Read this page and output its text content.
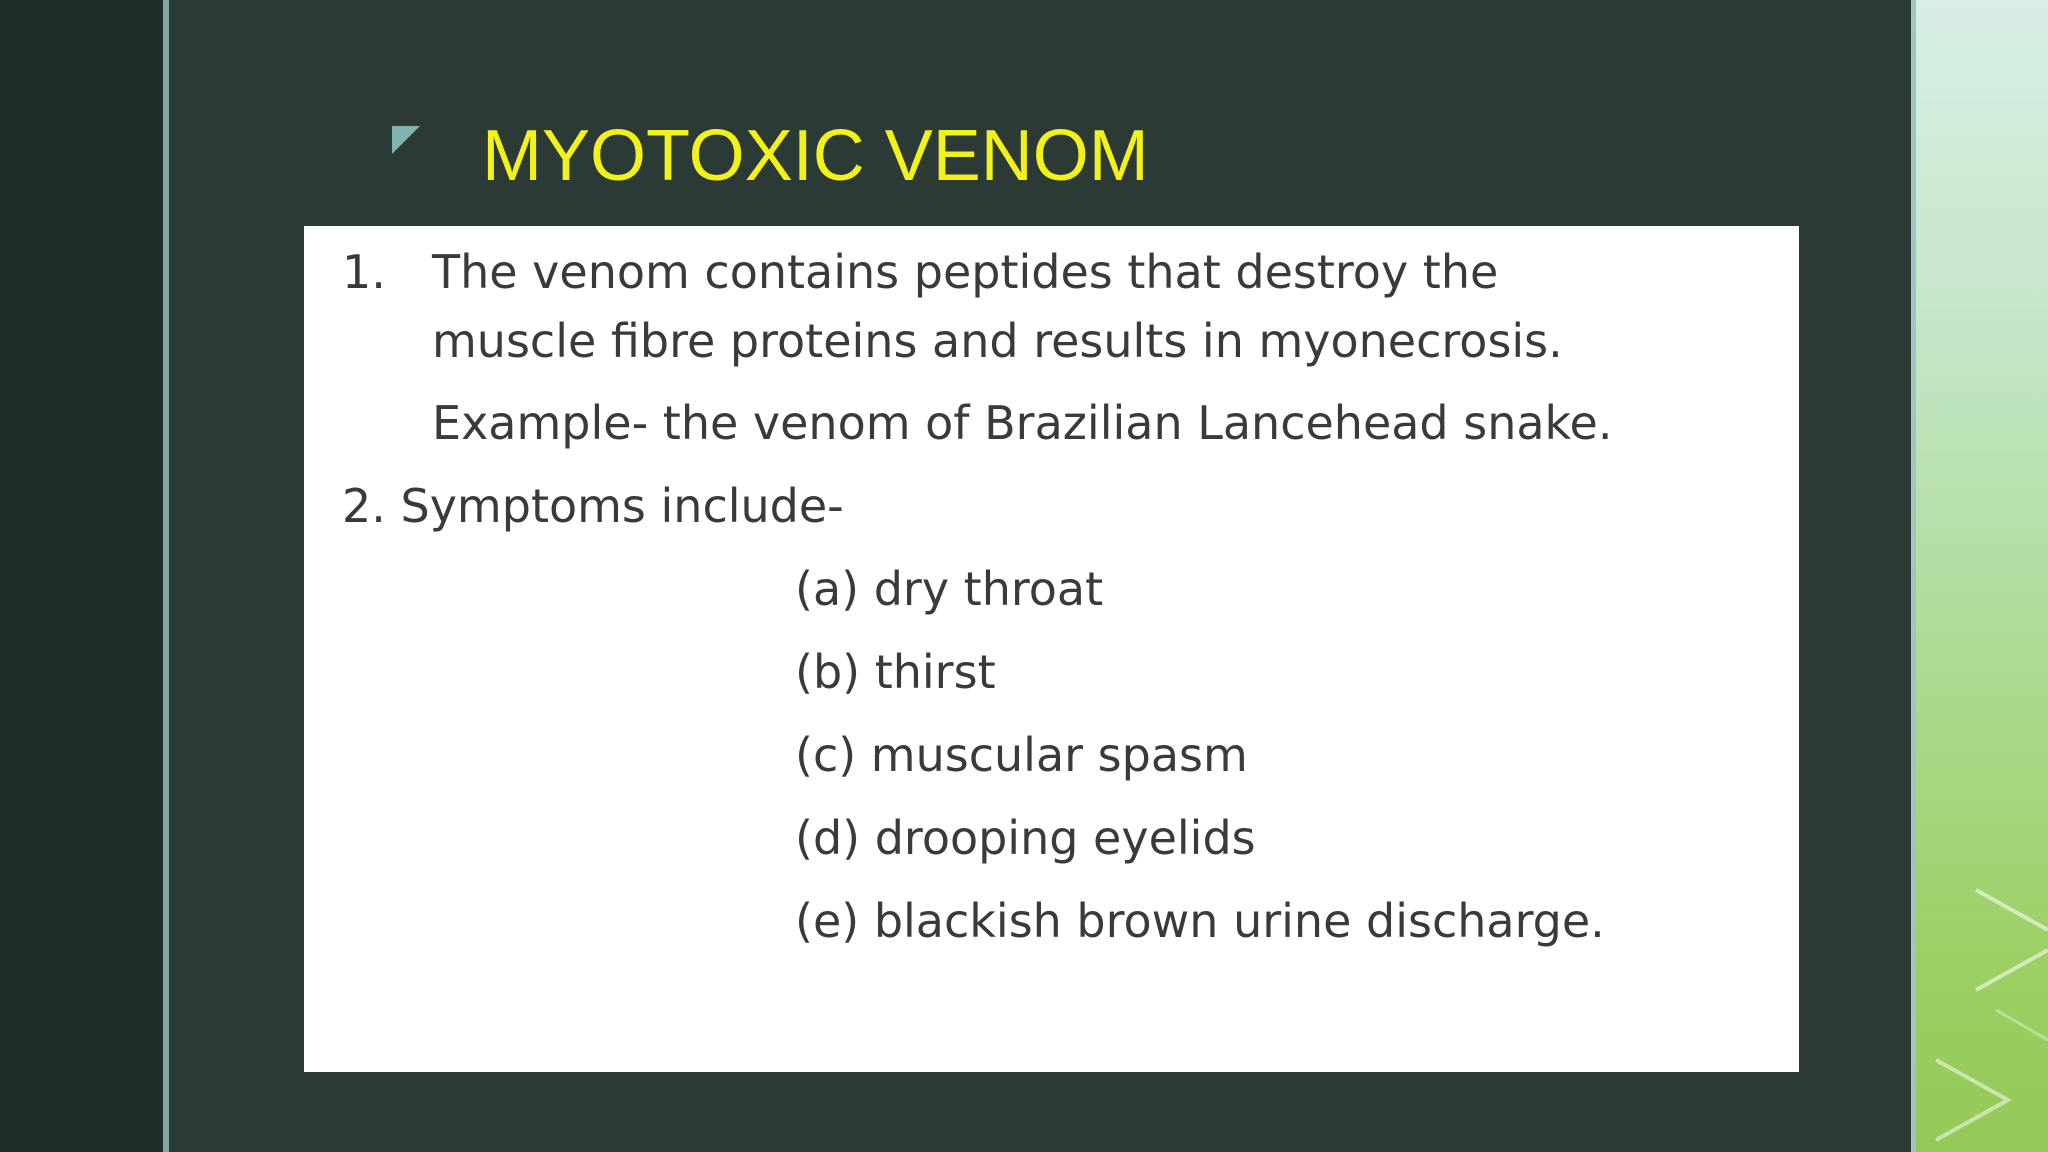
MYOTOXIC VENOM
1. The venom contains peptides that destroy the
muscle fibre proteins and results in myonecrosis.
Example- the venom of Brazilian Lancehead snake.
2. Symptoms include-
(a) dry throat
(b) thirst
(c) muscular spasm
(d) drooping eyelids
(e) blackish brown urine discharge.
